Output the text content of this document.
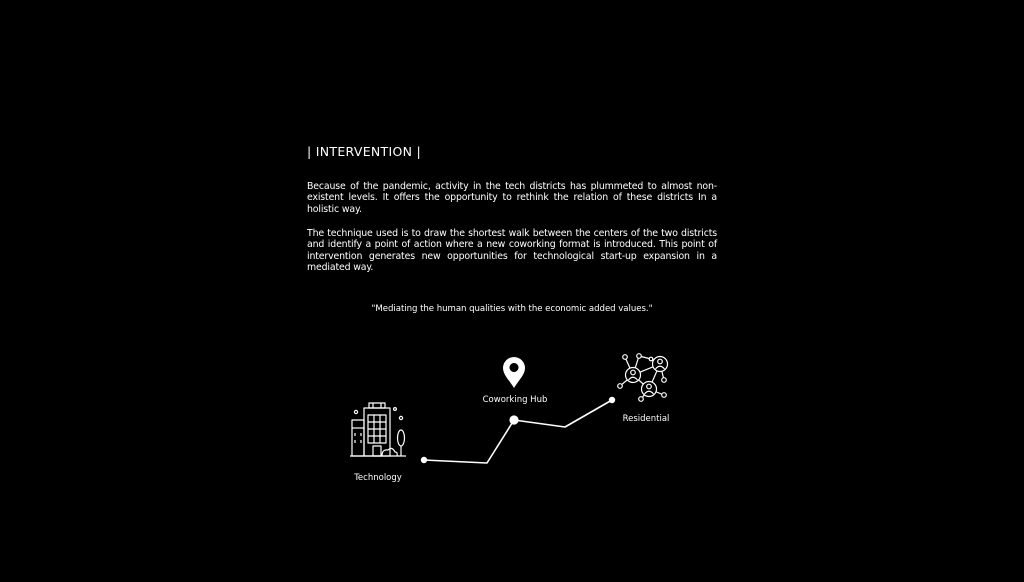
| INTERVENTION |

Because of the pandemic, activity in the tech districts has plummeted to almost non-existent levels. It offers the opportunity to rethink the relation of these districts In a holistic way.

The technique used is to draw the shortest walk between the centers of the two districts and identify a point of action where a new coworking format is introduced. This point of intervention generates new opportunities for technological start-up expansion in a mediated way.

"Mediating the human qualities with the economic added values."
Technology
Coworking Hub
Residential
